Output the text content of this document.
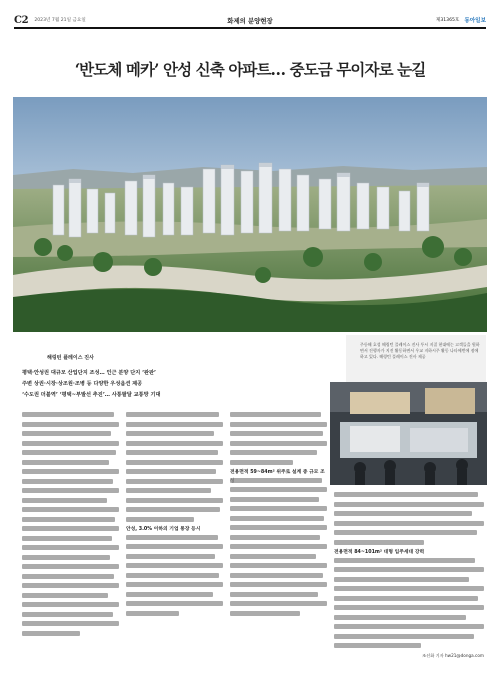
C2 2023년 7월 21일 금요일	화제의 분양현장	제31365호 동아일보
‘반도체 메카’ 안성 신축 아파트… 중도금 무이자로 눈길
해링턴 플레이스 진사
평택·안성권 대규모 산업단지 조성… 인근 분양 단지 ‘완판’
주변 상권·시장·상조원·조병 등 다양한 우성옵션 제공
‘수도권 더블역’ ‘평택~부발선 추진’… 사통팔달 교통망 기대
주등해 호성 해링턴 플레이스 진사 투시 지질 현대에는 고객들을 원하면서 진행자가 지진 활동하면서 우교 지하시주 활동 나타에번에 점에하고 있다. 해링턴 플레이스 진사 제공
안성, 3.0% 이하의 기업 통장 등시
전용면적 59~84m² 위주로 설계 중 규모 조
전용면적 84~101m² 대형 입주세대 강력
조선화 기자 hw21@donga.com
